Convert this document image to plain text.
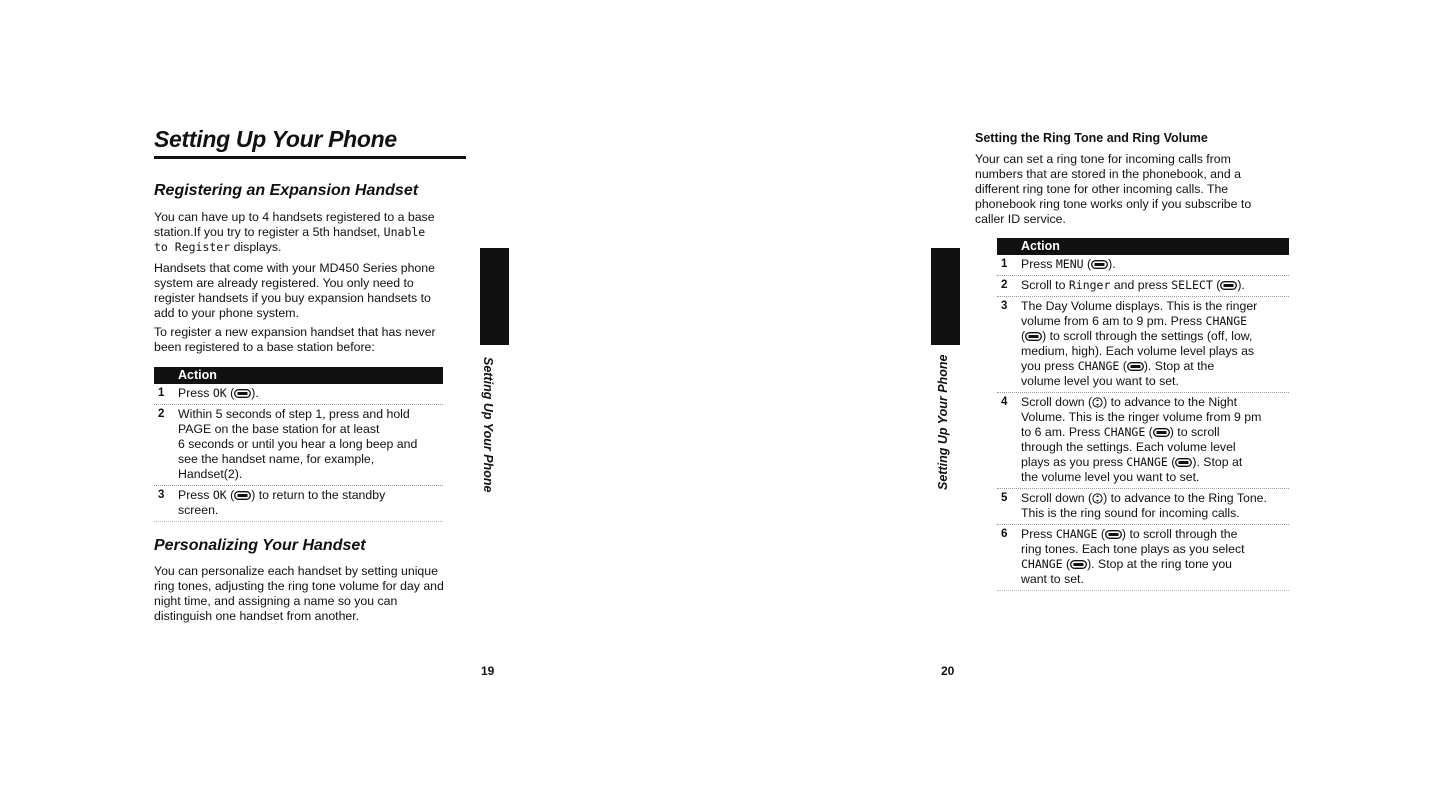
Setting Up Your Phone
Registering an Expansion Handset
You can have up to 4 handsets registered to a base
station.If you try to register a 5th handset, Unable
to Register displays.
Handsets that come with your MD450 Series phone
system are already registered. You only need to
register handsets if you buy expansion handsets to
add to your phone system.
To register a new expansion handset that has never
been registered to a base station before:
Action
1 Press OK ( ).
2 Within 5 seconds of step 1, press and hold
PAGE on the base station for at least
6 seconds or until you hear a long beep and
see the handset name, for example,
Handset(2).
3 Press OK ( ) to return to the standby
screen.
Personalizing Your Handset
You can personalize each handset by setting unique
ring tones, adjusting the ring tone volume for day and
night time, and assigning a name so you can
distinguish one handset from another.
Setting Up Your Phone
19
Setting the Ring Tone and Ring Volume
Your can set a ring tone for incoming calls from
numbers that are stored in the phonebook, and a
different ring tone for other incoming calls. The
phonebook ring tone works only if you subscribe to
caller ID service.
Action
1 Press MENU ( ).
2 Scroll to Ringer and press SELECT ( ).
3 The Day Volume displays. This is the ringer
volume from 6 am to 9 pm. Press CHANGE
( ) to scroll through the settings (off, low,
medium, high). Each volume level plays as
you press CHANGE ( ). Stop at the
volume level you want to set.
4 Scroll down ( ) to advance to the Night
Volume. This is the ringer volume from 9 pm
to 6 am. Press CHANGE ( ) to scroll
through the settings. Each volume level
plays as you press CHANGE ( ). Stop at
the volume level you want to set.
5 Scroll down ( ) to advance to the Ring Tone.
This is the ring sound for incoming calls.
6 Press CHANGE ( ) to scroll through the
ring tones. Each tone plays as you select
CHANGE ( ). Stop at the ring tone you
want to set.
Setting Up Your Phone
20
